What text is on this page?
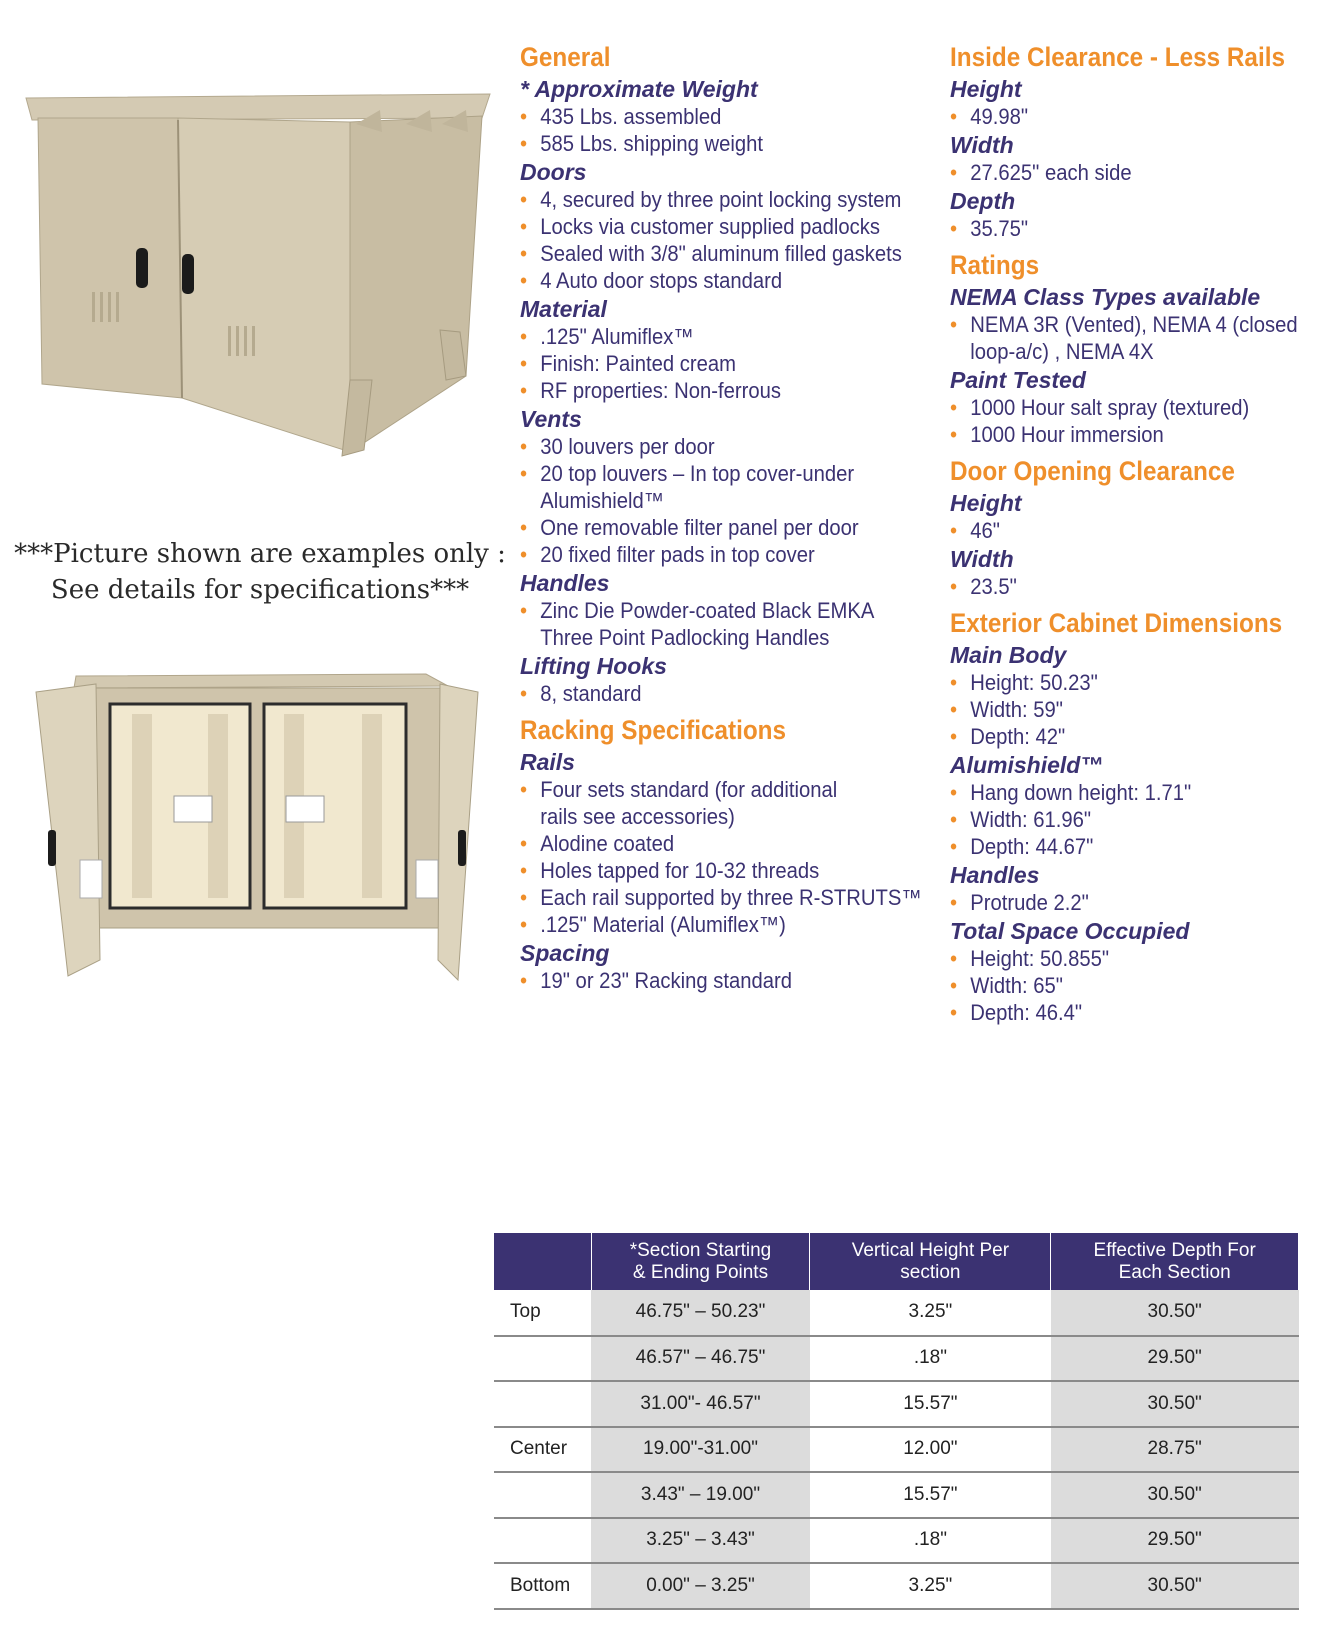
***Picture shown are examples only : See details for specifications***
General
* Approximate Weight
• 435 Lbs. assembled
• 585 Lbs. shipping weight
Doors
• 4, secured by three point locking system
• Locks via customer supplied padlocks
• Sealed with 3/8" aluminum filled gaskets
• 4 Auto door stops standard
Material
• .125" Alumiflex™
• Finish: Painted cream
• RF properties: Non-ferrous
Vents
• 30 louvers per door
• 20 top louvers – In top cover-under
Alumishield™
• One removable filter panel per door
• 20 fixed filter pads in top cover
Handles
• Zinc Die Powder-coated Black EMKA
Three Point Padlocking Handles
Lifting Hooks
• 8, standard
Racking Specifications
Rails
• Four sets standard (for additional
rails see accessories)
• Alodine coated
• Holes tapped for 10-32 threads
• Each rail supported by three R-STRUTS™
• .125" Material (Alumiflex™)
Spacing
• 19" or 23" Racking standard
Inside Clearance - Less Rails
Height
• 49.98"
Width
• 27.625" each side
Depth
• 35.75"
Ratings
NEMA Class Types available
• NEMA 3R (Vented), NEMA 4 (closed
loop-a/c) , NEMA 4X
Paint Tested
• 1000 Hour salt spray (textured)
• 1000 Hour immersion
Door Opening Clearance
Height
• 46"
Width
• 23.5"
Exterior Cabinet Dimensions
Main Body
• Height: 50.23"
• Width: 59"
• Depth: 42"
Alumishield™
• Hang down height: 1.71"
• Width: 61.96"
• Depth: 44.67"
Handles
• Protrude 2.2"
Total Space Occupied
• Height: 50.855"
• Width: 65"
• Depth: 46.4"
	*Section Starting
& Ending Points	Vertical Height Per
section	Effective Depth For
Each Section
Top	46.75" – 50.23"	3.25"	30.50"
	46.57" – 46.75"	.18"	29.50"
	31.00"- 46.57"	15.57"	30.50"
Center	19.00"-31.00"	12.00"	28.75"
	3.43" – 19.00"	15.57"	30.50"
	3.25" – 3.43"	.18"	29.50"
Bottom	0.00" – 3.25"	3.25"	30.50"
